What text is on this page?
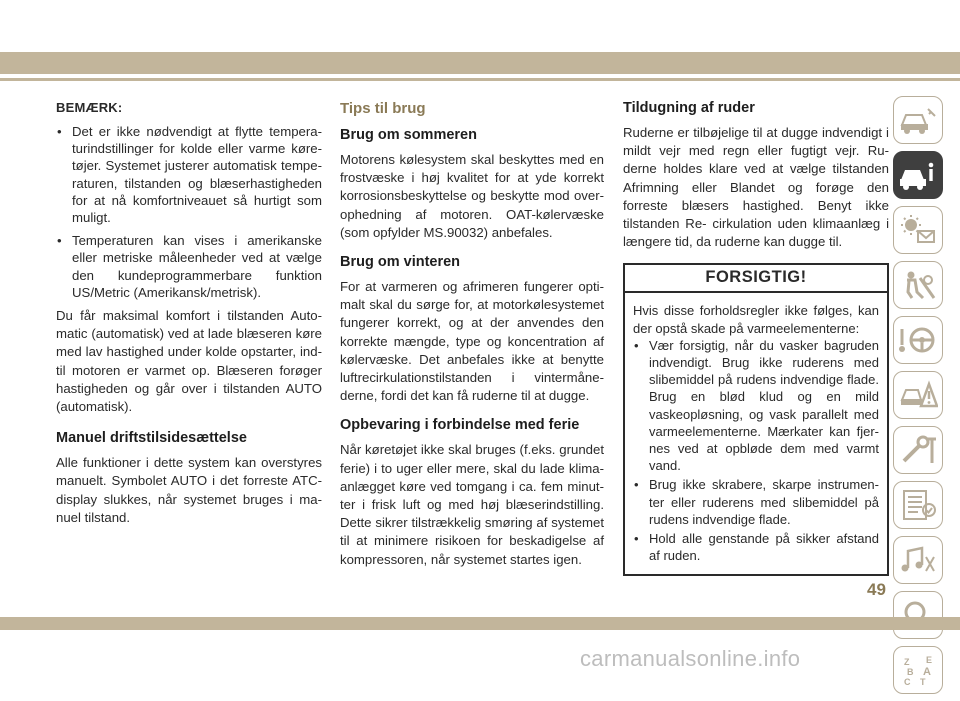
BEMÆRK:
• Det er ikke nødvendigt at flytte tempera- turindstillinger for kolde eller varme køre- tøjer. Systemet justerer automatisk tempe- raturen, tilstanden og blæserhastigheden for at nå komfortniveauet så hurtigt som muligt.
• Temperaturen kan vises i amerikanske eller metriske måleenheder ved at vælge den kundeprogrammerbare funktion US/Metric (Amerikansk/metrisk).

Du får maksimal komfort i tilstanden Auto- matic (automatisk) ved at lade blæseren køre med lav hastighed under kolde opstarter, ind- til motoren er varmet op. Blæseren forøger hastigheden og går over i tilstanden AUTO (automatisk).

Manuel driftstilsidesættelse

Alle funktioner i dette system kan overstyres manuelt. Symbolet AUTO i det forreste ATC- display slukkes, når systemet bruges i ma- nuel tilstand.

Tips til brug
Brug om sommeren

Motorens kølesystem skal beskyttes med en frostvæske i høj kvalitet for at yde korrekt korrosionsbeskyttelse og beskytte mod over- ophedning af motoren. OAT-kølervæske (som opfylder MS.90032) anbefales.

Brug om vinteren

For at varmeren og afrimeren fungerer opti- malt skal du sørge for, at motorkølesystemet fungerer korrekt, og at der anvendes den korrekte mængde, type og koncentration af kølervæske. Det anbefales ikke at benytte luftrecirkulationstilstanden i vintermåne- derne, fordi det kan få ruderne til at dugge.

Opbevaring i forbindelse med ferie

Når køretøjet ikke skal bruges (f.eks. grundet ferie) i to uger eller mere, skal du lade klima- anlægget køre ved tomgang i ca. fem minut- ter i frisk luft og med høj blæserindstilling. Dette sikrer tilstrækkelig smøring af systemet til at minimere risikoen for beskadigelse af kompressoren, når systemet startes igen.

Tildugning af ruder

Ruderne er tilbøjelige til at dugge indvendigt i mildt vejr med regn eller fugtigt vejr. Ru- derne holdes klare ved at vælge tilstanden Afrimning eller Blandet og forøge den forreste blæsers hastighed. Benyt ikke tilstanden Re- cirkulation uden klimaanlæg i længere tid, da ruderne kan dugge til.

FORSIGTIG!

Hvis disse forholdsregler ikke følges, kan der opstå skade på varmeelementerne:

• Vær forsigtig, når du vasker bagruden indvendigt. Brug ikke ruderens med slibemiddel på rudens indvendige flade. Brug en blød klud og en mild vaskeopløsning, og vask parallelt med varmeelementerne. Mærkater kan fjer- nes ved at opbløde dem med varmt vand.
• Brug ikke skrabere, skarpe instrumen- ter eller ruderens med slibemiddel på rudens indvendige flade.
• Hold alle genstande på sikker afstand af ruden.
Z E
B A
C T
49
carmanualsonline.info
